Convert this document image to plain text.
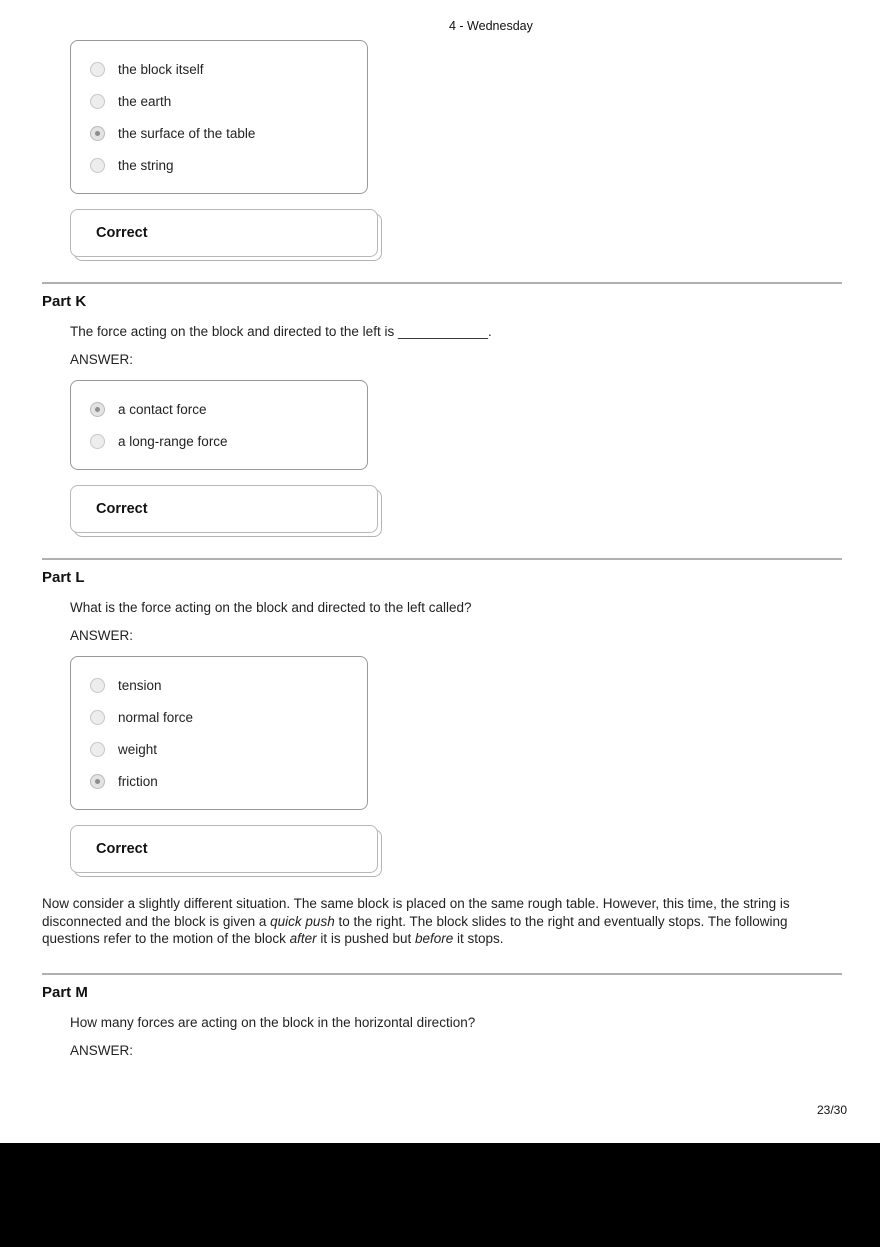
4 - Wednesday
the block itself
the earth
the surface of the table
the string
Correct
Part K
The force acting on the block and directed to the left is ____________.
ANSWER:
a contact force
a long-range force
Correct
Part L
What is the force acting on the block and directed to the left called?
ANSWER:
tension
normal force
weight
friction
Correct
Now consider a slightly different situation. The same block is placed on the same rough table. However, this time, the string is
disconnected and the block is given a quick push to the right. The block slides to the right and eventually stops. The following
questions refer to the motion of the block after it is pushed but before it stops.
Part M
How many forces are acting on the block in the horizontal direction?
ANSWER:
23/30
